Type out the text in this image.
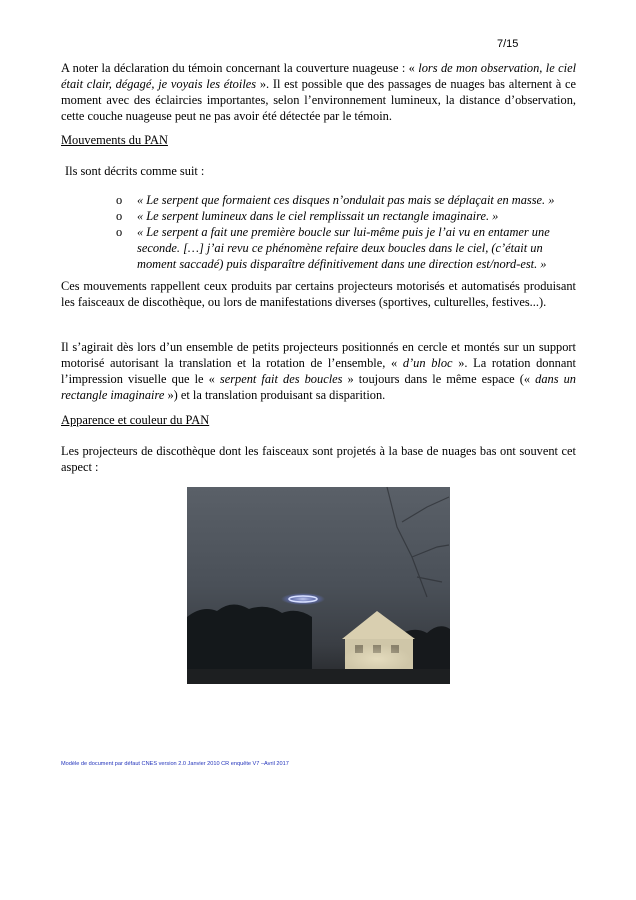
7/15

A noter la déclaration du témoin concernant la couverture nuageuse : « lors de mon observation, le ciel était clair, dégagé, je voyais les étoiles ». Il est possible que des passages de nuages bas alternent à ce moment avec des éclaircies importantes, selon l’environnement lumineux, la distance d’observation, cette couche nuageuse peut ne pas avoir été détectée par le témoin.

Mouvements du PAN

Ils sont décrits comme suit :

o « Le serpent que formaient ces disques n’ondulait pas mais se déplaçait en masse. »
o « Le serpent lumineux dans le ciel remplissait un rectangle imaginaire. »
o « Le serpent a fait une première boucle sur lui-même puis je l’ai vu en entamer une seconde. […] j’ai revu ce phénomène refaire deux boucles dans le ciel, (c’était un moment saccadé) puis disparaître définitivement dans une direction est/nord-est. »

Ces mouvements rappellent ceux produits par certains projecteurs motorisés et automatisés produisant les faisceaux de discothèque, ou lors de manifestations diverses (sportives, culturelles, festives...).

Il s’agirait dès lors d’un ensemble de petits projecteurs positionnés en cercle et montés sur un support motorisé autorisant la translation et la rotation de l’ensemble, « d’un bloc ». La rotation donnant l’impression visuelle que le « serpent fait des boucles » toujours dans le même espace (« dans un rectangle imaginaire ») et la translation produisant sa disparition.

Apparence et couleur du PAN

Les projecteurs de discothèque dont les faisceaux sont projetés à la base de nuages bas ont souvent cet aspect :

Modèle de document par défaut CNES version 2.0 Janvier 2010 CR enquête V7 –Avril 2017
